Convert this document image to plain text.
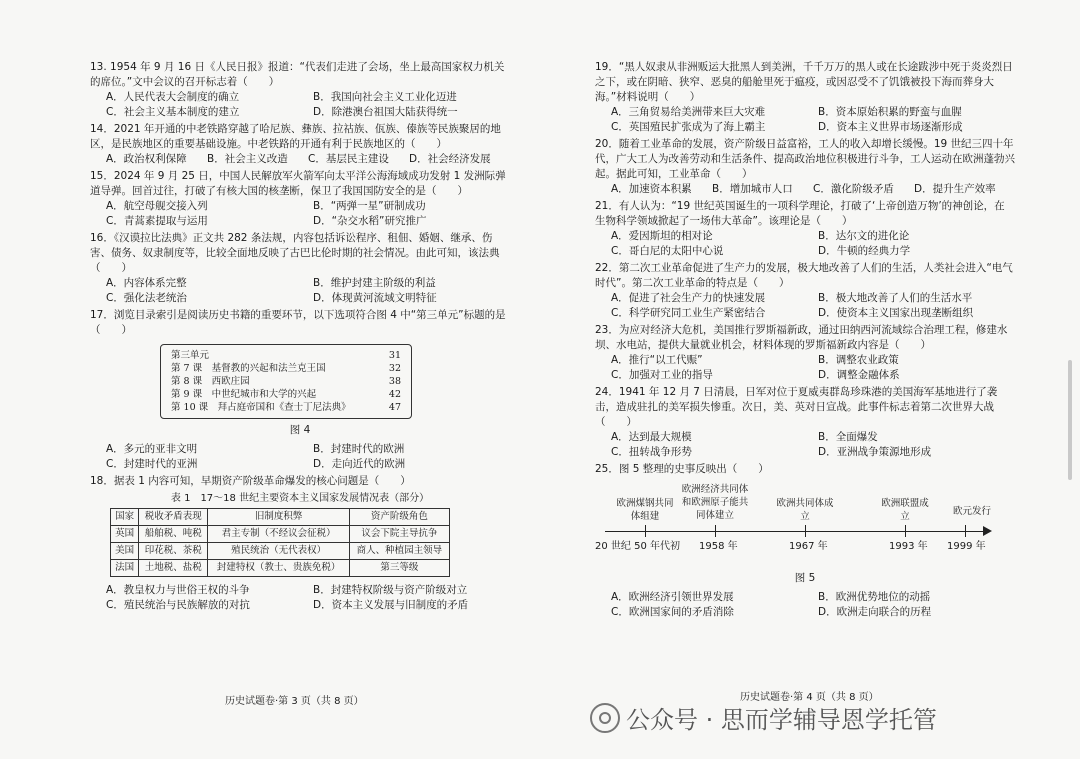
13. 1954 年 9 月 16 日《人民日报》报道：“代表们走进了会场，坐上最高国家权力机关的席位。”文中会议的召开标志着（　　）
A．人民代表大会制度的确立	B．我国向社会主义工业化迈进
C．社会主义基本制度的建立	D．除港澳台祖国大陆获得统一
14．2021 年开通的中老铁路穿越了哈尼族、彝族、拉祜族、佤族、傣族等民族聚居的地区，是民族地区的重要基础设施。中老铁路的开通有利于民族地区的（　　）
A．政治权利保障	B．社会主义改造	C．基层民主建设	D．社会经济发展
15．2024 年 9 月 25 日，中国人民解放军火箭军向太平洋公海海域成功发射 1 发洲际弹道导弹。回首过往，打破了有核大国的核垄断，保卫了我国国防安全的是（　　）
A．航空母舰交接入列	B．“两弹一星”研制成功
C．青蒿素提取与运用	D．“杂交水稻”研究推广
16．《汉谟拉比法典》正文共 282 条法规，内容包括诉讼程序、租佃、婚姻、继承、伤害、债务、奴隶制度等，比较全面地反映了古巴比伦时期的社会情况。由此可知，该法典（　　）
A．内容体系完整	B．维护封建主阶级的利益
C．强化法老统治	D．体现黄河流域文明特征
17．浏览目录索引是阅读历史书籍的重要环节，以下选项符合图 4 中“第三单元”标题的是（　　）
第三单元	31
第 7 课　基督教的兴起和法兰克王国	32
第 8 课　西欧庄园	38
第 9 课　中世纪城市和大学的兴起	42
第 10 课　拜占庭帝国和《查士丁尼法典》	47
图 4
A．多元的亚非文明	B．封建时代的欧洲
C．封建时代的亚洲	D．走向近代的欧洲
18．据表 1 内容可知，早期资产阶级革命爆发的核心问题是（　　）
表 1　17～18 世纪主要资本主义国家发展情况表（部分）
国家	税收矛盾表现	旧制度积弊	资产阶级角色
英国	船舶税、吨税	君主专制（不经议会征税）	议会下院主导抗争
美国	印花税、茶税	殖民统治（无代表权）	商人、种植园主领导
法国	土地税、盐税	封建特权（教士、贵族免税）	第三等级
A．教皇权力与世俗王权的斗争	B．封建特权阶级与资产阶级对立
C．殖民统治与民族解放的对抗	D．资本主义发展与旧制度的矛盾
历史试题卷·第 3 页（共 8 页）
19．“黑人奴隶从非洲贩运大批黑人到美洲，千千万万的黑人或在长途跋涉中死于炎炎烈日之下，或在阴暗、狭窄、恶臭的船舱里死于瘟疫，或因忍受不了饥饿被投下海而葬身大海。”材料说明（　　）
A．三角贸易给美洲带来巨大灾难	B．资本原始积累的野蛮与血腥
C．英国殖民扩张成为了海上霸主	D．资本主义世界市场逐渐形成
20．随着工业革命的发展，资产阶级日益富裕，工人的收入却增长缓慢。19 世纪三四十年代，广大工人为改善劳动和生活条件、提高政治地位积极进行斗争，工人运动在欧洲蓬勃兴起。据此可知，工业革命（　　）
A．加速资本积累	B．增加城市人口	C．激化阶级矛盾	D．提升生产效率
21．有人认为：“19 世纪英国诞生的一项科学理论，打破了‘上帝创造万物’的神创论，在生物科学领域掀起了一场伟大革命”。该理论是（　　）
A．爱因斯坦的相对论	B．达尔文的进化论
C．哥白尼的太阳中心说	D．牛顿的经典力学
22．第二次工业革命促进了生产力的发展，极大地改善了人们的生活，人类社会进入“电气时代”。第二次工业革命的特点是（　　）
A．促进了社会生产力的快速发展	B．极大地改善了人们的生活水平
C．科学研究同工业生产紧密结合	D．使资本主义国家出现垄断组织
23．为应对经济大危机，美国推行罗斯福新政，通过田纳西河流域综合治理工程，修建水坝、水电站，提供大量就业机会，材料体现的罗斯福新政内容是（　　）
A．推行“以工代赈”	B．调整农业政策
C．加强对工业的指导	D．调整金融体系
24．1941 年 12 月 7 日清晨，日军对位于夏威夷群岛珍珠港的美国海军基地进行了袭击，造成驻扎的美军损失惨重。次日，美、英对日宣战。此事件标志着第二次世界大战（　　）
A．达到最大规模	B．全面爆发
C．扭转战争形势	D．亚洲战争策源地形成
25．图 5 整理的史事反映出（　　）
欧洲煤钢共同体组建
欧洲经济共同体和欧洲原子能共同体建立
欧洲共同体成立
欧洲联盟成立	欧元发行
20 世纪 50 年代初 1958 年	1967 年	1993 年 1999 年
图 5
A．欧洲经济引领世界发展	B．欧洲优势地位的动摇
C．欧洲国家间的矛盾消除	D．欧洲走向联合的历程
历史试题卷·第 4 页（共 8 页）
公众号 · 思而学辅导恩学托管
